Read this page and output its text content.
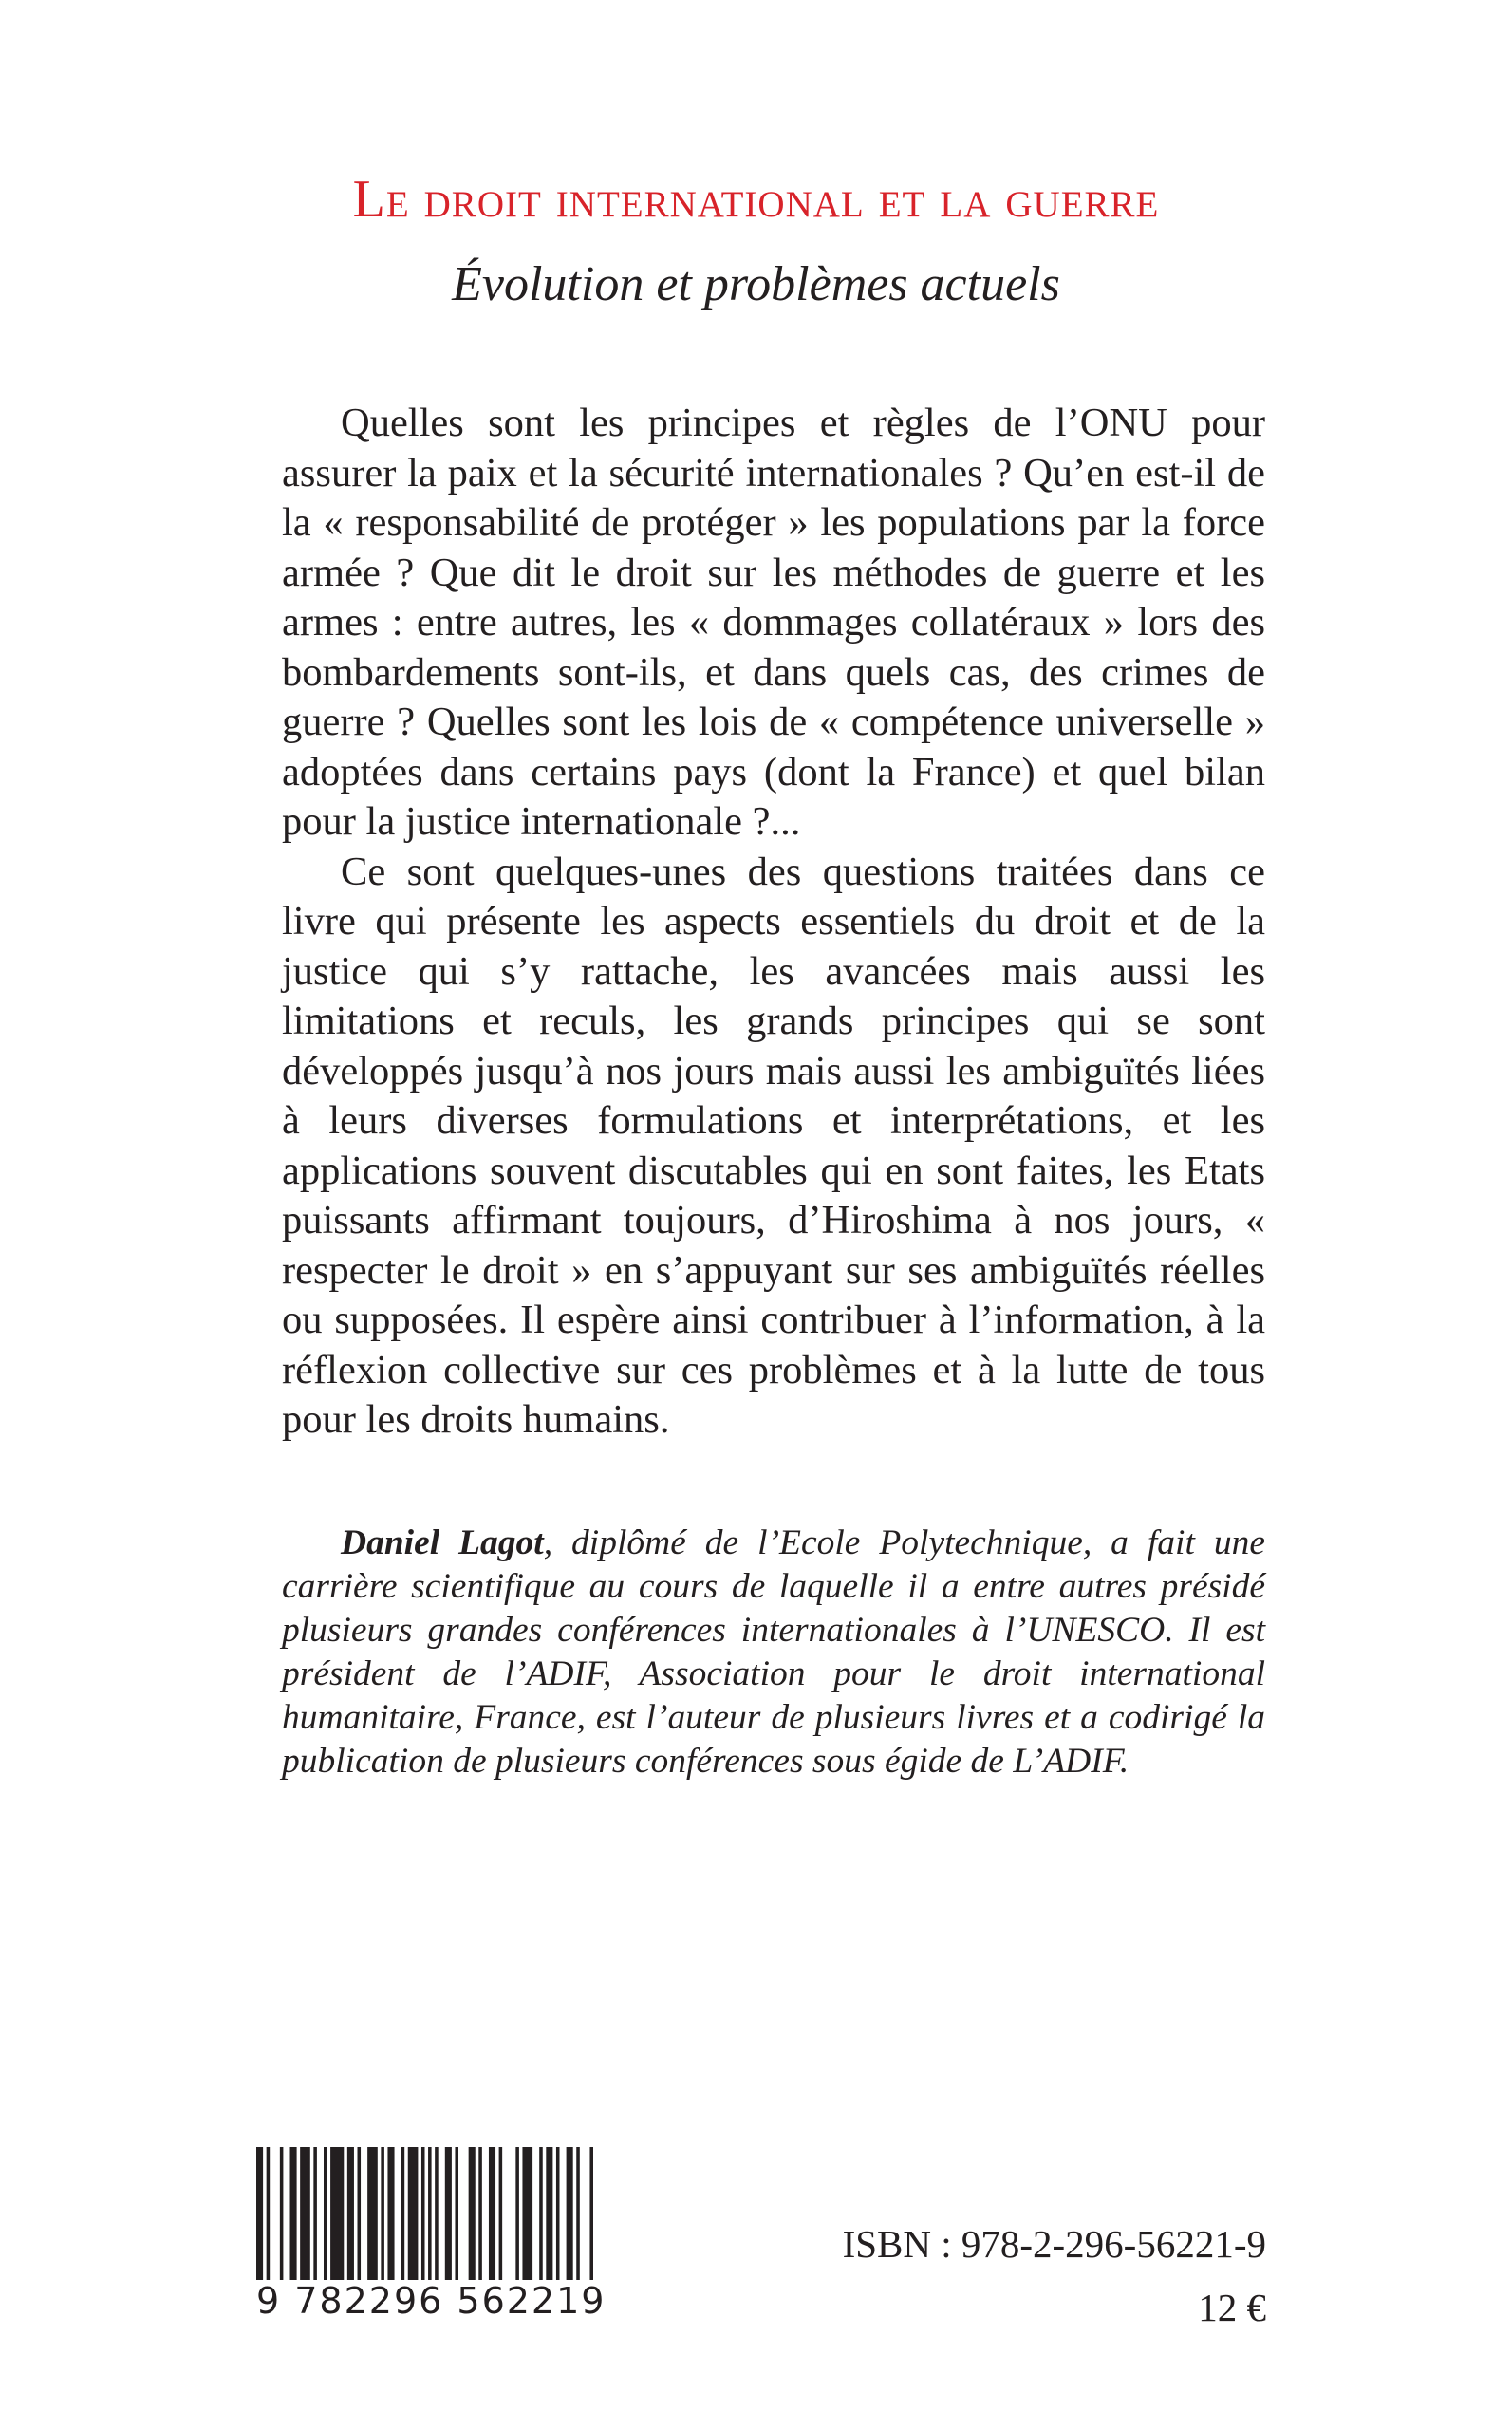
Le droit international et la guerre
Évolution et problèmes actuels

Quelles sont les principes et règles de l’ONU pour assurer la paix et la sécurité internationales ? Qu’en est-il de la « responsabilité de protéger » les populations par la force armée ? Que dit le droit sur les méthodes de guerre et les armes : entre autres, les « dommages collatéraux » lors des bombardements sont-ils, et dans quels cas, des crimes de guerre ? Quelles sont les lois de « compétence universelle » adoptées dans certains pays (dont la France) et quel bilan pour la justice internationale ?...

Ce sont quelques-unes des questions traitées dans ce livre qui présente les aspects essentiels du droit et de la justice qui s’y rattache, les avancées mais aussi les limitations et reculs, les grands principes qui se sont développés jusqu’à nos jours mais aussi les ambiguïtés liées à leurs diverses formulations et interprétations, et les applications souvent discutables qui en sont faites, les Etats puissants affirmant toujours, d’Hiroshima à nos jours, « respecter le droit » en s’appuyant sur ses ambiguïtés réelles ou supposées. Il espère ainsi contribuer à l’information, à la réflexion collective sur ces problèmes et à la lutte de tous pour les droits humains.

Daniel Lagot, diplômé de l’Ecole Polytechnique, a fait une carrière scientifique au cours de laquelle il a entre autres présidé plusieurs grandes conférences internationales à l’UNESCO. Il est président de l’ADIF, Association pour le droit international humanitaire, France, est l’auteur de plusieurs livres et a codirigé la publication de plusieurs conférences sous égide de L’ADIF.

9 782296 562219

ISBN : 978-2-296-56221-9

12 €
